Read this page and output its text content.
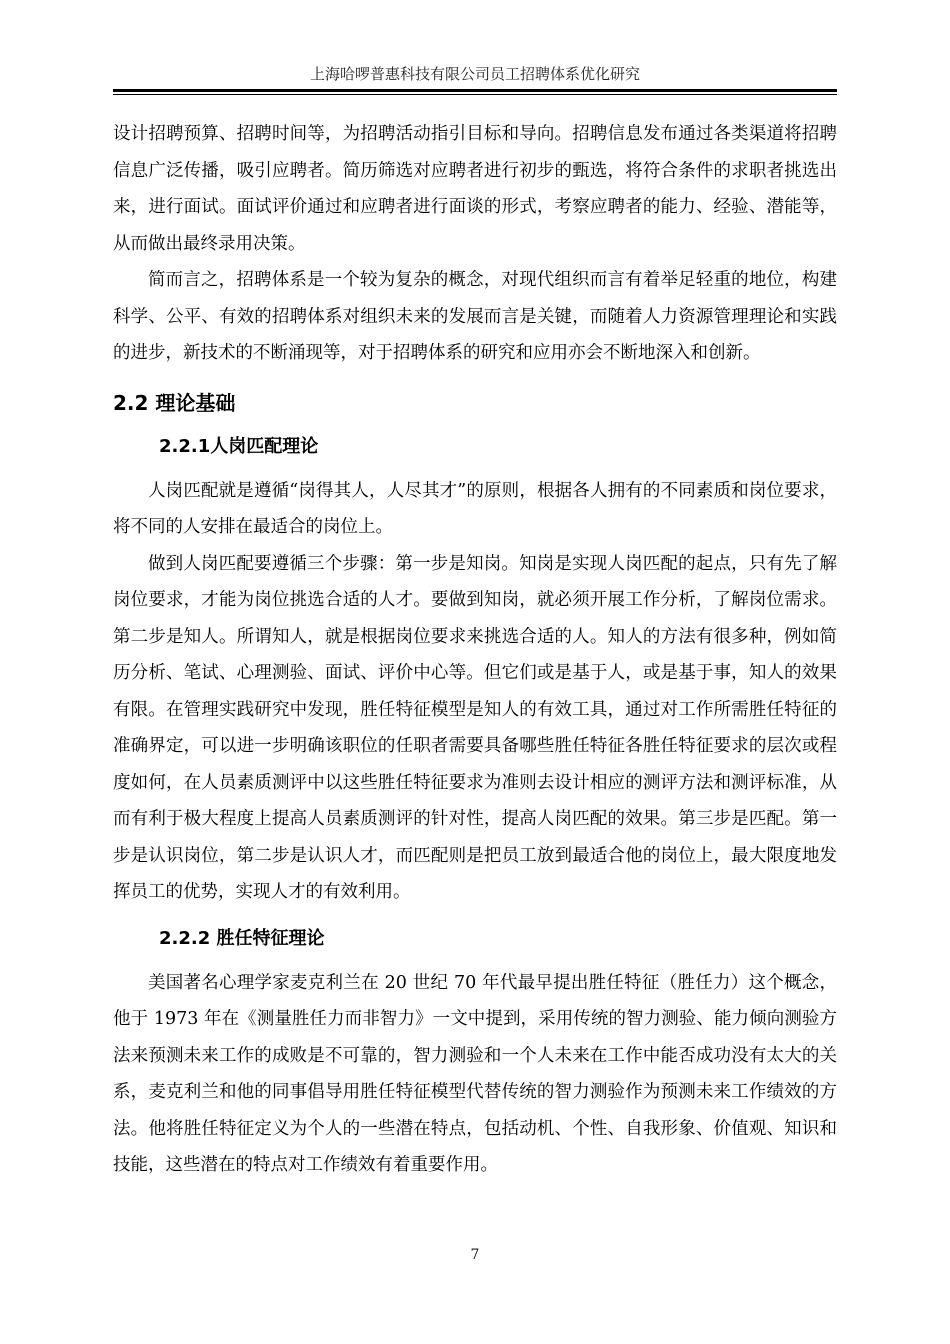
上海哈啰普惠科技有限公司员工招聘体系优化研究

设计招聘预算、招聘时间等，为招聘活动指引目标和导向。招聘信息发布通过各类渠道将招聘信息广泛传播，吸引应聘者。简历筛选对应聘者进行初步的甄选，将符合条件的求职者挑选出来，进行面试。面试评价通过和应聘者进行面谈的形式，考察应聘者的能力、经验、潜能等，从而做出最终录用决策。

简而言之，招聘体系是一个较为复杂的概念，对现代组织而言有着举足轻重的地位，构建科学、公平、有效的招聘体系对组织未来的发展而言是关键，而随着人力资源管理理论和实践的进步，新技术的不断涌现等，对于招聘体系的研究和应用亦会不断地深入和创新。

2.2 理论基础
2.2.1人岗匹配理论

人岗匹配就是遵循“岗得其人，人尽其才”的原则，根据各人拥有的不同素质和岗位要求，将不同的人安排在最适合的岗位上。

做到人岗匹配要遵循三个步骤：第一步是知岗。知岗是实现人岗匹配的起点，只有先了解岗位要求，才能为岗位挑选合适的人才。要做到知岗，就必须开展工作分析，了解岗位需求。第二步是知人。所谓知人，就是根据岗位要求来挑选合适的人。知人的方法有很多种，例如简历分析、笔试、心理测验、面试、评价中心等。但它们或是基于人，或是基于事，知人的效果有限。在管理实践研究中发现，胜任特征模型是知人的有效工具，通过对工作所需胜任特征的准确界定，可以进一步明确该职位的任职者需要具备哪些胜任特征各胜任特征要求的层次或程度如何，在人员素质测评中以这些胜任特征要求为准则去设计相应的测评方法和测评标准，从而有利于极大程度上提高人员素质测评的针对性，提高人岗匹配的效果。第三步是匹配。第一步是认识岗位，第二步是认识人才，而匹配则是把员工放到最适合他的岗位上，最大限度地发挥员工的优势，实现人才的有效利用。

2.2.2 胜任特征理论

美国著名心理学家麦克利兰在 20 世纪 70 年代最早提出胜任特征（胜任力）这个概念，他于 1973 年在《测量胜任力而非智力》一文中提到，采用传统的智力测验、能力倾向测验方法来预测未来工作的成败是不可靠的，智力测验和一个人未来在工作中能否成功没有太大的关系，麦克利兰和他的同事倡导用胜任特征模型代替传统的智力测验作为预测未来工作绩效的方法。他将胜任特征定义为个人的一些潜在特点，包括动机、个性、自我形象、价值观、知识和技能，这些潜在的特点对工作绩效有着重要作用。

7
